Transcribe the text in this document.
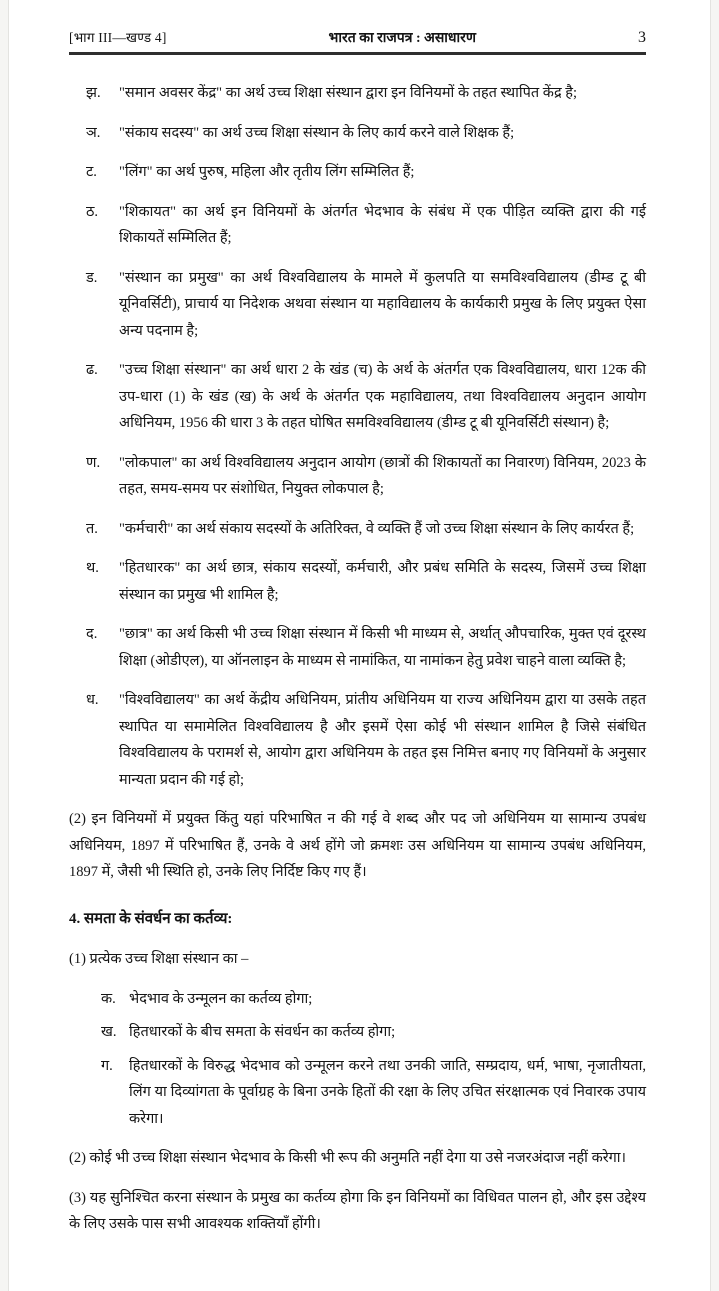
[भाग III—खण्ड 4]	भारत का राजपत्र : असाधारण	3
झ.	"समान अवसर केंद्र" का अर्थ उच्च शिक्षा संस्थान द्वारा इन विनियमों के तहत स्थापित केंद्र है;
ञ.	"संकाय सदस्य" का अर्थ उच्च शिक्षा संस्थान के लिए कार्य करने वाले शिक्षक हैं;
ट.	"लिंग" का अर्थ पुरुष, महिला और तृतीय लिंग सम्मिलित हैं;
ठ.	"शिकायत" का अर्थ इन विनियमों के अंतर्गत भेदभाव के संबंध में एक पीड़ित व्यक्ति द्वारा की गई शिकायतें सम्मिलित हैं;
ड.	"संस्थान का प्रमुख" का अर्थ विश्वविद्यालय के मामले में कुलपति या समविश्वविद्यालय (डीम्ड टू बी यूनिवर्सिटी), प्राचार्य या निदेशक अथवा संस्थान या महाविद्यालय के कार्यकारी प्रमुख के लिए प्रयुक्त ऐसा अन्य पदनाम है;
ढ.	"उच्च शिक्षा संस्थान" का अर्थ धारा 2 के खंड (च) के अर्थ के अंतर्गत एक विश्वविद्यालय, धारा 12क की उप-धारा (1) के खंड (ख) के अर्थ के अंतर्गत एक महाविद्यालय, तथा विश्वविद्यालय अनुदान आयोग अधिनियम, 1956 की धारा 3 के तहत घोषित समविश्वविद्यालय (डीम्ड टू बी यूनिवर्सिटी संस्थान) है;
ण.	"लोकपाल" का अर्थ विश्वविद्यालय अनुदान आयोग (छात्रों की शिकायतों का निवारण) विनियम, 2023 के तहत, समय-समय पर संशोधित, नियुक्त लोकपाल है;
त.	"कर्मचारी" का अर्थ संकाय सदस्यों के अतिरिक्त, वे व्यक्ति हैं जो उच्च शिक्षा संस्थान के लिए कार्यरत हैं;
थ.	"हितधारक" का अर्थ छात्र, संकाय सदस्यों, कर्मचारी, और प्रबंध समिति के सदस्य, जिसमें उच्च शिक्षा संस्थान का प्रमुख भी शामिल है;
द.	"छात्र" का अर्थ किसी भी उच्च शिक्षा संस्थान में किसी भी माध्यम से, अर्थात् औपचारिक, मुक्त एवं दूरस्थ शिक्षा (ओडीएल), या ऑनलाइन के माध्यम से नामांकित, या नामांकन हेतु प्रवेश चाहने वाला व्यक्ति है;
ध.	"विश्वविद्यालय" का अर्थ केंद्रीय अधिनियम, प्रांतीय अधिनियम या राज्य अधिनियम द्वारा या उसके तहत स्थापित या समामेलित विश्वविद्यालय है और इसमें ऐसा कोई भी संस्थान शामिल है जिसे संबंधित विश्वविद्यालय के परामर्श से, आयोग द्वारा अधिनियम के तहत इस निमित्त बनाए गए विनियमों के अनुसार मान्यता प्रदान की गई हो;

(2) इन विनियमों में प्रयुक्त किंतु यहां परिभाषित न की गई वे शब्द और पद जो अधिनियम या सामान्य उपबंध अधिनियम, 1897 में परिभाषित हैं, उनके वे अर्थ होंगे जो क्रमशः उस अधिनियम या सामान्य उपबंध अधिनियम, 1897 में, जैसी भी स्थिति हो, उनके लिए निर्दिष्ट किए गए हैं।

4. समता के संवर्धन का कर्तव्य:

(1) प्रत्येक उच्च शिक्षा संस्थान का –

क. भेदभाव के उन्मूलन का कर्तव्य होगा;
ख. हितधारकों के बीच समता के संवर्धन का कर्तव्य होगा;
ग.	हितधारकों के विरुद्ध भेदभाव को उन्मूलन करने तथा उनकी जाति, सम्प्रदाय, धर्म, भाषा, नृजातीयता, लिंग या दिव्यांगता के पूर्वाग्रह के बिना उनके हितों की रक्षा के लिए उचित संरक्षात्मक एवं निवारक उपाय करेगा।

(2) कोई भी उच्च शिक्षा संस्थान भेदभाव के किसी भी रूप की अनुमति नहीं देगा या उसे नजरअंदाज नहीं करेगा।

(3) यह सुनिश्चित करना संस्थान के प्रमुख का कर्तव्य होगा कि इन विनियमों का विधिवत पालन हो, और इस उद्देश्य के लिए उसके पास सभी आवश्यक शक्तियाँ होंगी।
